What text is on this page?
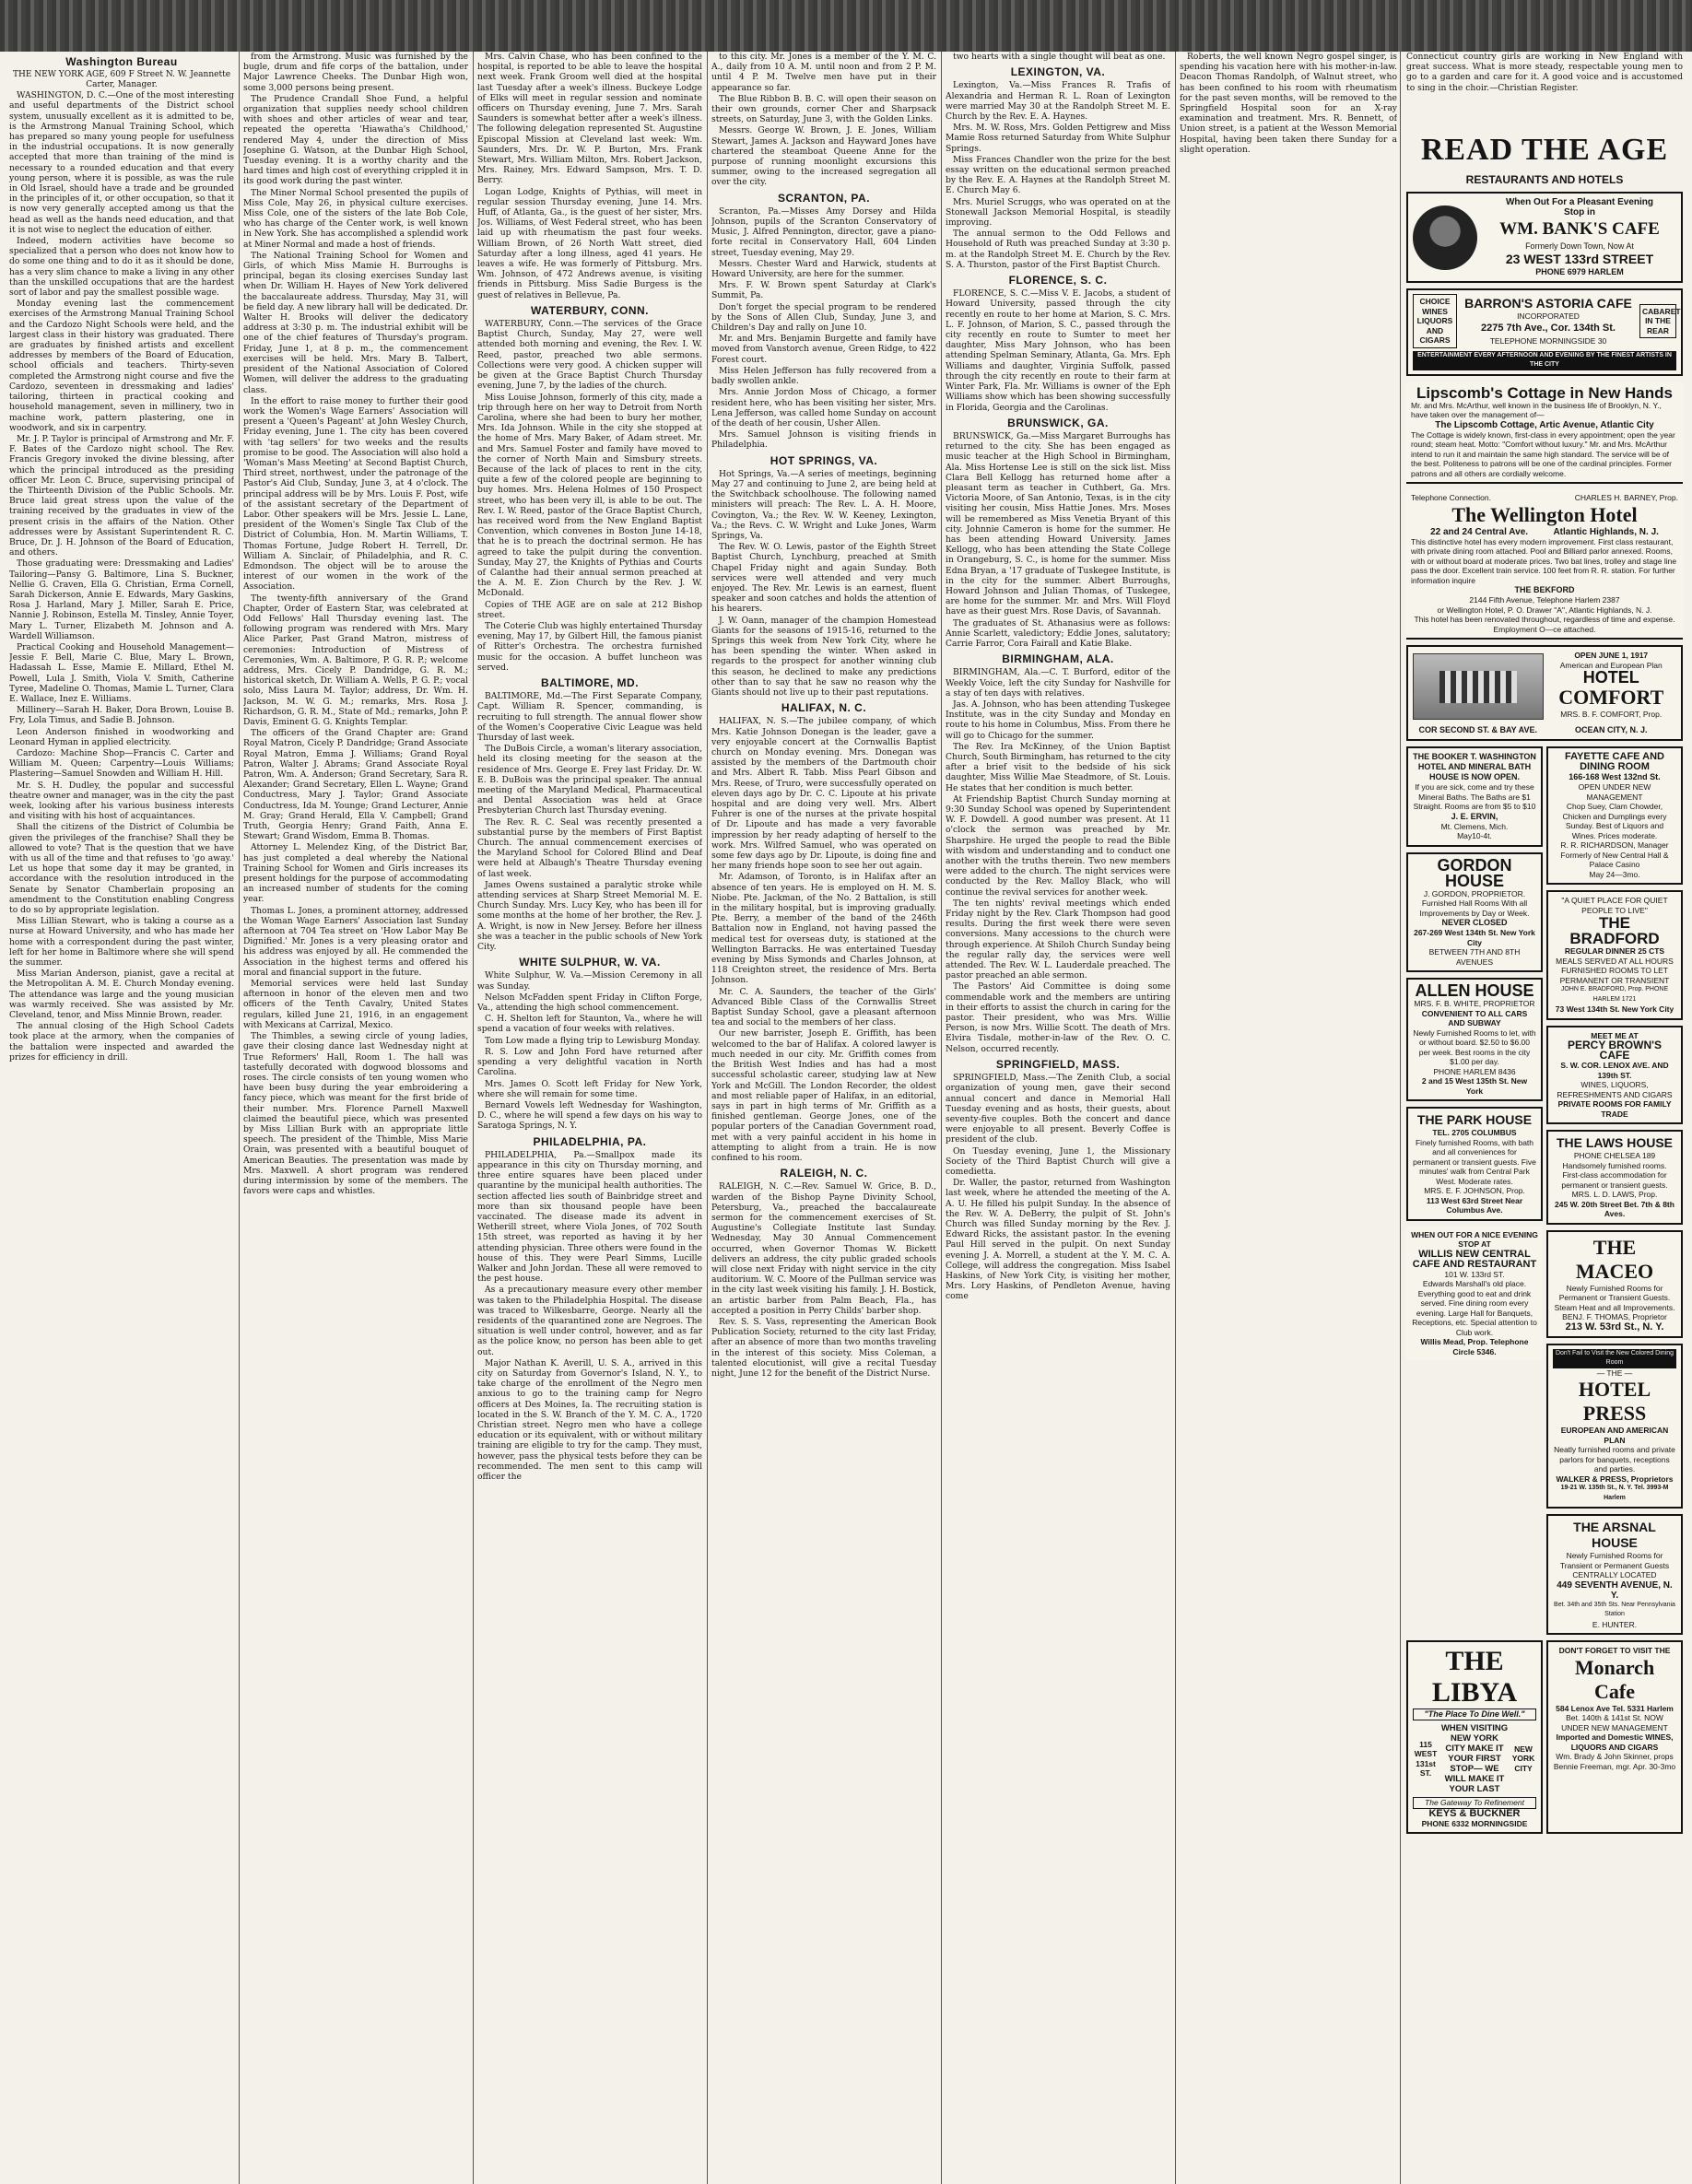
Washington Bureau
THE NEW YORK AGE, 609 F Street N. W. Jeannette Carter, Manager.

WASHINGTON, D. C.—One of the most interesting and useful departments of the District school system, unusually excellent as it is admitted to be, is the Armstrong Manual Training School, which has prepared so many young people for usefulness in the industrial occupations. It is now generally accepted that more than training of the mind is necessary to a rounded education and that every young person, where it is possible, as was the rule in Old Israel, should have a trade and be grounded in the principles of it, or other occupation, so that it is now very generally accepted among us that the head as well as the hands need education, and that it is not wise to neglect the education of either.

Indeed, modern activities have become so specialized that a person who does not know how to do some one thing and to do it as it should be done, has a very slim chance to make a living in any other than the unskilled occupations that are the hardest sort of labor and pay the smallest possible wage.

Monday evening last the commencement exercises of the Armstrong Manual Training School and the Cardozo Night Schools were held, and the largest class in their history was graduated. There are graduates by finished artists and excellent addresses by members of the Board of Education, school officials and teachers. Thirty-seven completed the Armstrong night course and five the Cardozo, seventeen in dressmaking and ladies' tailoring, thirteen in practical cooking and household management, seven in millinery, two in machine work, pattern plastering, one in woodwork, and six in carpentry.

Mr. J. P. Taylor is principal of Armstrong and Mr. F. F. Bates of the Cardozo night school. The Rev. Francis Gregory invoked the divine blessing, after which the principal introduced as the presiding officer Mr. Leon C. Bruce, supervising principal of the Thirteenth Division of the Public Schools. Mr. Bruce laid great stress upon the value of the training received by the graduates in view of the present crisis in the affairs of the Nation. Other addresses were by Assistant Superintendent R. C. Bruce, Dr. J. H. Johnson of the Board of Education, and others.

Those graduating were: Dressmaking and Ladies' Tailoring—Pansy G. Baltimore, Lina S. Buckner, Nellie G. Craven, Ella G. Christian, Erma Cornell, Sarah Dickerson, Annie E. Edwards, Mary Gaskins, Rosa J. Harland, Mary J. Miller, Sarah E. Price, Nannie J. Robinson, Estella M. Tinsley, Annie Toyer, Mary L. Turner, Elizabeth M. Johnson and A. Wardell Williamson.

Practical Cooking and Household Management—Jessie F. Bell, Marie C. Blue, Mary L. Brown, Hadassah L. Esse, Mamie E. Millard, Ethel M. Powell, Lula J. Smith, Viola V. Smith, Catherine Tyree, Madeline O. Thomas, Mamie L. Turner, Clara E. Wallace, Inez E. Williams.

Millinery—Sarah H. Baker, Dora Brown, Louise B. Fry, Lola Timus, and Sadie B. Johnson.

Leon Anderson finished in woodworking and Leonard Hyman in applied electricity.

Cardozo: Machine Shop—Francis C. Carter and William M. Queen; Carpentry—Louis Williams; Plastering—Samuel Snowden and William H. Hill.

Mr. S. H. Dudley, the popular and successful theatre owner and manager, was in the city the past week, looking after his various business interests and visiting with his host of acquaintances.

Shall the citizens of the District of Columbia be given the privileges of the franchise? Shall they be allowed to vote? That is the question that we have with us all of the time and that refuses to 'go away.' Let us hope that some day it may be granted, in accordance with the resolution introduced in the Senate by Senator Chamberlain proposing an amendment to the Constitution enabling Congress to do so by appropriate legislation.

Miss Lillian Stewart, who is taking a course as a nurse at Howard University, and who has made her home with a correspondent during the past winter, left for her home in Baltimore where she will spend the summer.

Miss Marian Anderson, pianist, gave a recital at the Metropolitan A. M. E. Church Monday evening. The attendance was large and the young musician was warmly received. She was assisted by Mr. Cleveland, tenor, and Miss Minnie Brown, reader.

The annual closing of the High School Cadets took place at the armory, when the companies of the battalion were inspected and awarded the prizes for efficiency in drill.

from the Armstrong. Music was furnished by the bugle, drum and fife corps of the battalion, under Major Lawrence Cheeks. The Dunbar High won, some 3,000 persons being present.

The Prudence Crandall Shoe Fund, a helpful organization that supplies needy school children with shoes and other articles of wear and tear, repeated the operetta 'Hiawatha's Childhood,' rendered May 4, under the direction of Miss Josephine G. Watson, at the Dunbar High School, Tuesday evening. It is a worthy charity and the hard times and high cost of everything crippled it in its good work during the past winter.

The Miner Normal School presented the pupils of Miss Cole, May 26, in physical culture exercises. Miss Cole, one of the sisters of the late Bob Cole, who has charge of the Center work, is well known in New York. She has accomplished a splendid work at Miner Normal and made a host of friends.

The National Training School for Women and Girls, of which Miss Mamie H. Burroughs is principal, began its closing exercises Sunday last when Dr. William H. Hayes of New York delivered the baccalaureate address. Thursday, May 31, will be field day. A new library hall will be dedicated. Dr. Walter H. Brooks will deliver the dedicatory address at 3:30 p. m. The industrial exhibit will be one of the chief features of Thursday's program. Friday, June 1, at 8 p. m., the commencement exercises will be held. Mrs. Mary B. Talbert, president of the National Association of Colored Women, will deliver the address to the graduating class.

In the effort to raise money to further their good work the Women's Wage Earners' Association will present a 'Queen's Pageant' at John Wesley Church, Friday evening, June 1. The city has been covered with 'tag sellers' for two weeks and the results promise to be good. The Association will also hold a 'Woman's Mass Meeting' at Second Baptist Church, Third street, northwest, under the patronage of the Pastor's Aid Club, Sunday, June 3, at 4 o'clock. The principal address will be by Mrs. Louis F. Post, wife of the assistant secretary of the Department of Labor. Other speakers will be Mrs. Jessie L. Lane, president of the Women's Single Tax Club of the District of Columbia, Hon. M. Martin Williams, T. Thomas Fortune, Judge Robert H. Terrell, Dr. William A. Sinclair, of Philadelphia, and R. C. Edmondson. The object will be to arouse the interest of our women in the work of the Association.

The twenty-fifth anniversary of the Grand Chapter, Order of Eastern Star, was celebrated at Odd Fellows' Hall Thursday evening last. The following program was rendered with Mrs. Mary Alice Parker, Past Grand Matron, mistress of ceremonies: Introduction of Mistress of Ceremonies, Wm. A. Baltimore, P. G. R. P.; welcome address, Mrs. Cicely P. Dandridge, G. R. M.; historical sketch, Dr. William A. Wells, P. G. P.; vocal solo, Miss Laura M. Taylor; address, Dr. Wm. H. Jackson, M. W. G. M.; remarks, Mrs. Rosa J. Richardson, G. R. M., State of Md.; remarks, John P. Davis, Eminent G. G. Knights Templar.

The officers of the Grand Chapter are: Grand Royal Matron, Cicely P. Dandridge; Grand Associate Royal Matron, Emma J. Williams; Grand Royal Patron, Walter J. Abrams; Grand Associate Royal Patron, Wm. A. Anderson; Grand Secretary, Sara R. Alexander; Grand Secretary, Ellen L. Wayne; Grand Conductress, Mary J. Taylor; Grand Associate Conductress, Ida M. Younge; Grand Lecturer, Annie M. Gray; Grand Herald, Ella V. Campbell; Grand Truth, Georgia Henry; Grand Faith, Anna E. Stewart; Grand Wisdom, Emma B. Thomas.

Attorney L. Melendez King, of the District Bar, has just completed a deal whereby the National Training School for Women and Girls increases its present holdings for the purpose of accommodating an increased number of students for the coming year.

Thomas L. Jones, a prominent attorney, addressed the Woman Wage Earners' Association last Sunday afternoon at 704 Tea street on 'How Labor May Be Dignified.' Mr. Jones is a very pleasing orator and his address was enjoyed by all. He commended the Association in the highest terms and offered his moral and financial support in the future.

Memorial services were held last Sunday afternoon in honor of the eleven men and two officers of the Tenth Cavalry, United States regulars, killed June 21, 1916, in an engagement with Mexicans at Carrizal, Mexico.

The Thimbles, a sewing circle of young ladies, gave their closing dance last Wednesday night at True Reformers' Hall, Room 1. The hall was tastefully decorated with dogwood blossoms and roses. The circle consists of ten young women who have been busy during the year embroidering a fancy piece, which was meant for the first bride of their number. Mrs. Florence Parnell Maxwell claimed the beautiful piece, which was presented by Miss Lillian Burk with an appropriate little speech. The president of the Thimble, Miss Marie Orain, was presented with a beautiful bouquet of American Beauties. The presentation was made by Mrs. Maxwell. A short program was rendered during intermission by some of the members. The favors were caps and whistles.

Mrs. Calvin Chase, who has been confined to the hospital, is reported to be able to leave the hospital next week. Frank Groom well died at the hospital last Tuesday after a week's illness. Buckeye Lodge of Elks will meet in regular session and nominate officers on Thursday evening, June 7. Mrs. Sarah Saunders is somewhat better after a week's illness. The following delegation represented St. Augustine Episcopal Mission at Cleveland last week: Wm. Saunders, Mrs. Dr. W. P. Burton, Mrs. Frank Stewart, Mrs. William Milton, Mrs. Robert Jackson, Mrs. Rainey, Mrs. Edward Sampson, Mrs. T. D. Berry.

Logan Lodge, Knights of Pythias, will meet in regular session Thursday evening, June 14. Mrs. Huff, of Atlanta, Ga., is the guest of her sister, Mrs. Jos. Williams, of West Federal street, who has been laid up with rheumatism the past four weeks. William Brown, of 26 North Watt street, died Saturday after a long illness, aged 41 years. He leaves a wife. He was formerly of Pittsburg. Mrs. Wm. Johnson, of 472 Andrews avenue, is visiting friends in Pittsburg. Miss Sadie Burgess is the guest of relatives in Bellevue, Pa.

WATERBURY, CONN.

WATERBURY, Conn.—The services of the Grace Baptist Church, Sunday, May 27, were well attended both morning and evening, the Rev. I. W. Reed, pastor, preached two able sermons. Collections were very good. A chicken supper will be given at the Grace Baptist Church Thursday evening, June 7, by the ladies of the church.

Miss Louise Johnson, formerly of this city, made a trip through here on her way to Detroit from North Carolina, where she had been to bury her mother, Mrs. Ida Johnson. While in the city she stopped at the home of Mrs. Mary Baker, of Adam street. Mr. and Mrs. Samuel Foster and family have moved to the corner of North Main and Simsbury streets. Because of the lack of places to rent in the city, quite a few of the colored people are beginning to buy homes. Mrs. Helena Holmes of 150 Prospect street, who has been very ill, is able to be out. The Rev. I. W. Reed, pastor of the Grace Baptist Church, has received word from the New England Baptist Convention, which convenes in Boston June 14-18, that he is to preach the doctrinal sermon. He has agreed to take the pulpit during the convention. Sunday, May 27, the Knights of Pythias and Courts of Calanthe had their annual sermon preached at the A. M. E. Zion Church by the Rev. J. W. McDonald.

Copies of THE AGE are on sale at 212 Bishop street.

The Coterie Club was highly entertained Thursday evening, May 17, by Gilbert Hill, the famous pianist of Ritter's Orchestra. The orchestra furnished music for the occasion. A buffet luncheon was served.

BALTIMORE, MD.

BALTIMORE, Md.—The First Separate Company, Capt. William R. Spencer, commanding, is recruiting to full strength. The annual flower show of the Women's Cooperative Civic League was held Thursday of last week.

The DuBois Circle, a woman's literary association, held its closing meeting for the season at the residence of Mrs. George E. Frey last Friday. Dr. W. E. B. DuBois was the principal speaker. The annual meeting of the Maryland Medical, Pharmaceutical and Dental Association was held at Grace Presbyterian Church last Thursday evening.

The Rev. R. C. Seal was recently presented a substantial purse by the members of First Baptist Church. The annual commencement exercises of the Maryland School for Colored Blind and Deaf were held at Albaugh's Theatre Thursday evening of last week.

James Owens sustained a paralytic stroke while attending services at Sharp Street Memorial M. E. Church Sunday. Mrs. Lucy Key, who has been ill for some months at the home of her brother, the Rev. J. A. Wright, is now in New Jersey. Before her illness she was a teacher in the public schools of New York City.

WHITE SULPHUR, W. VA.

White Sulphur, W. Va.—Mission Ceremony in all was Sunday.

Nelson McFadden spent Friday in Clifton Forge, Va., attending the high school commencement.

C. H. Shelton left for Staunton, Va., where he will spend a vacation of four weeks with relatives.

Tom Low made a flying trip to Lewisburg Monday.

R. S. Low and John Ford have returned after spending a very delightful vacation in North Carolina.

Mrs. James O. Scott left Friday for New York, where she will remain for some time.

Bernard Vowels left Wednesday for Washington, D. C., where he will spend a few days on his way to Saratoga Springs, N. Y.

PHILADELPHIA, PA.

PHILADELPHIA, Pa.—Smallpox made its appearance in this city on Thursday morning, and three entire squares have been placed under quarantine by the municipal health authorities. The section affected lies south of Bainbridge street and more than six thousand people have been vaccinated. The disease made its advent in Wetherill street, where Viola Jones, of 702 South 15th street, was reported as having it by her attending physician. Three others were found in the house of this. They were Pearl Simms, Lucille Walker and John Jordan. These all were removed to the pest house.

As a precautionary measure every other member was taken to the Philadelphia Hospital. The disease was traced to Wilkesbarre, George. Nearly all the residents of the quarantined zone are Negroes. The situation is well under control, however, and as far as the police know, no person has been able to get out.

Major Nathan K. Averill, U. S. A., arrived in this city on Saturday from Governor's Island, N. Y., to take charge of the enrollment of the Negro men anxious to go to the training camp for Negro officers at Des Moines, Ia. The recruiting station is located in the S. W. Branch of the Y. M. C. A., 1720 Christian street. Negro men who have a college education or its equivalent, with or without military training are eligible to try for the camp. They must, however, pass the physical tests before they can be recommended. The men sent to this camp will officer the

to this city. Mr. Jones is a member of the Y. M. C. A., daily from 10 A. M. until noon and from 2 P. M. until 4 P. M. Twelve men have put in their appearance so far.

The Blue Ribbon B. B. C. will open their season on their own grounds, corner Cher and Sharpsack streets, on Saturday, June 3, with the Golden Links.

Messrs. George W. Brown, J. E. Jones, William Stewart, James A. Jackson and Hayward Jones have chartered the steamboat Queene Anne for the purpose of running moonlight excursions this summer, owing to the increased segregation all over the city.

SCRANTON, PA.

Scranton, Pa.—Misses Amy Dorsey and Hilda Johnson, pupils of the Scranton Conservatory of Music, J. Alfred Pennington, director, gave a piano-forte recital in Conservatory Hall, 604 Linden street, Tuesday evening, May 29.

Messrs. Chester Ward and Harwick, students at Howard University, are here for the summer.

Mrs. F. W. Brown spent Saturday at Clark's Summit, Pa.

Don't forget the special program to be rendered by the Sons of Allen Club, Sunday, June 3, and Children's Day and rally on June 10.

Mr. and Mrs. Benjamin Burgette and family have moved from Vanstorch avenue, Green Ridge, to 422 Forest court.

Miss Helen Jefferson has fully recovered from a badly swollen ankle.

Mrs. Annie Jordon Moss of Chicago, a former resident here, who has been visiting her sister, Mrs. Lena Jefferson, was called home Sunday on account of the death of her cousin, Usher Allen.

Mrs. Samuel Johnson is visiting friends in Philadelphia.

HOT SPRINGS, VA.

Hot Springs, Va.—A series of meetings, beginning May 27 and continuing to June 2, are being held at the Switchback schoolhouse. The following named ministers will preach: The Rev. L. A. H. Moore, Covington, Va.; the Rev. W. W. Keeney, Lexington, Va.; the Revs. C. W. Wright and Luke Jones, Warm Springs, Va.

The Rev. W. O. Lewis, pastor of the Eighth Street Baptist Church, Lynchburg, preached at Smith Chapel Friday night and again Sunday. Both services were well attended and very much enjoyed. The Rev. Mr. Lewis is an earnest, fluent speaker and soon catches and holds the attention of his hearers.

J. W. Oann, manager of the champion Homestead Giants for the seasons of 1915-16, returned to the Springs this week from New York City, where he has been spending the winter. When asked in regards to the prospect for another winning club this season, he declined to make any predictions other than to say that he saw no reason why the Giants should not live up to their past reputations.

HALIFAX, N. C.

HALIFAX, N. S.—The jubilee company, of which Mrs. Katie Johnson Donegan is the leader, gave a very enjoyable concert at the Cornwallis Baptist church on Monday evening. Mrs. Donegan was assisted by the members of the Dartmouth choir and Mrs. Albert R. Tabb. Miss Pearl Gibson and Mrs. Reese, of Truro, were successfully operated on eleven days ago by Dr. C. C. Lipoute at his private hospital and are doing very well. Mrs. Albert Fuhrer is one of the nurses at the private hospital of Dr. Lipoute and has made a very favorable impression by her ready adapting of herself to the work. Mrs. Wilfred Samuel, who was operated on some few days ago by Dr. Lipoute, is doing fine and her many friends hope soon to see her out again.

Mr. Adamson, of Toronto, is in Halifax after an absence of ten years. He is employed on H. M. S. Niobe. Pte. Jackman, of the No. 2 Battalion, is still in the military hospital, but is improving gradually. Pte. Berry, a member of the band of the 246th Battalion now in England, not having passed the medical test for overseas duty, is stationed at the Wellington Barracks. He was entertained Tuesday evening by Miss Symonds and Charles Johnson, at 118 Creighton street, the residence of Mrs. Berta Johnson.

Mr. C. A. Saunders, the teacher of the Girls' Advanced Bible Class of the Cornwallis Street Baptist Sunday School, gave a pleasant afternoon tea and social to the members of her class.

Our new barrister, Joseph E. Griffith, has been welcomed to the bar of Halifax. A colored lawyer is much needed in our city. Mr. Griffith comes from the British West Indies and has had a most successful scholastic career, studying law at New York and McGill. The London Recorder, the oldest and most reliable paper of Halifax, in an editorial, says in part in high terms of Mr. Griffith as a finished gentleman. George Jones, one of the popular porters of the Canadian Government road, met with a very painful accident in his home in attempting to alight from a train. He is now confined to his room.

RALEIGH, N. C.

RALEIGH, N. C.—Rev. Samuel W. Grice, B. D., warden of the Bishop Payne Divinity School, Petersburg, Va., preached the baccalaureate sermon for the commencement exercises of St. Augustine's Collegiate Institute last Sunday. Wednesday, May 30 Annual Commencement occurred, when Governor Thomas W. Bickett delivers an address, the city public graded schools will close next Friday with night service in the city auditorium. W. C. Moore of the Pullman service was in the city last week visiting his family. J. H. Bostick, an artistic barber from Palm Beach, Fla., has accepted a position in Perry Childs' barber shop.

Rev. S. S. Vass, representing the American Book Publication Society, returned to the city last Friday, after an absence of more than two months traveling in the interest of this society. Miss Coleman, a talented elocutionist, will give a recital Tuesday night, June 12 for the benefit of the District Nurse.

two hearts with a single thought will beat as one.

LEXINGTON, VA.

Lexington, Va.—Miss Frances R. Trafis of Alexandria and Herman R. L. Roan of Lexington were married May 30 at the Randolph Street M. E. Church by the Rev. E. A. Haynes.

Mrs. M. W. Ross, Mrs. Golden Pettigrew and Miss Mamie Ross returned Saturday from White Sulphur Springs.

Miss Frances Chandler won the prize for the best essay written on the educational sermon preached by the Rev. E. A. Haynes at the Randolph Street M. E. Church May 6.

Mrs. Muriel Scruggs, who was operated on at the Stonewall Jackson Memorial Hospital, is steadily improving.

The annual sermon to the Odd Fellows and Household of Ruth was preached Sunday at 3:30 p. m. at the Randolph Street M. E. Church by the Rev. S. A. Thurston, pastor of the First Baptist Church.

FLORENCE, S. C.

FLORENCE, S. C.—Miss V. E. Jacobs, a student of Howard University, passed through the city recently en route to her home at Marion, S. C. Mrs. L. F. Johnson, of Marion, S. C., passed through the city recently en route to Sumter to meet her daughter, Miss Mary Johnson, who has been attending Spelman Seminary, Atlanta, Ga. Mrs. Eph Williams and daughter, Virginia Suffolk, passed through the city recently en route to their farm at Winter Park, Fla. Mr. Williams is owner of the Eph Williams show which has been showing successfully in Florida, Georgia and the Carolinas.

BRUNSWICK, GA.

BRUNSWICK, Ga.—Miss Margaret Burroughs has returned to the city. She has been engaged as music teacher at the High School in Birmingham, Ala. Miss Hortense Lee is still on the sick list. Miss Clara Bell Kellogg has returned home after a pleasant term as teacher in Cuthbert, Ga. Mrs. Victoria Moore, of San Antonio, Texas, is in the city visiting her cousin, Miss Hattie Jones. Mrs. Moses will be remembered as Miss Venetia Bryant of this city. Johnnie Cameron is home for the summer. He has been attending Howard University. James Kellogg, who has been attending the State College in Orangeburg, S. C., is home for the summer. Miss Edna Bryan, a '17 graduate of Tuskegee Institute, is in the city for the summer. Albert Burroughs, Howard Johnson and Julian Thomas, of Tuskegee, are home for the summer. Mr. and Mrs. Will Floyd have as their guest Mrs. Rose Davis, of Savannah.

The graduates of St. Athanasius were as follows: Annie Scarlett, valedictory; Eddie Jones, salutatory; Carrie Farror, Cora Fairall and Katie Blake.

BIRMINGHAM, ALA.

BIRMINGHAM, Ala.—C. T. Burford, editor of the Weekly Voice, left the city Sunday for Nashville for a stay of ten days with relatives.

Jas. A. Johnson, who has been attending Tuskegee Institute, was in the city Sunday and Monday en route to his home in Columbus, Miss. From there he will go to Chicago for the summer.

The Rev. Ira McKinney, of the Union Baptist Church, South Birmingham, has returned to the city after a brief visit to the bedside of his sick daughter, Miss Willie Mae Steadmore, of St. Louis. He states that her condition is much better.

At Friendship Baptist Church Sunday morning at 9:30 Sunday School was opened by Superintendent W. F. Dowdell. A good number was present. At 11 o'clock the sermon was preached by Mr. Sharpshire. He urged the people to read the Bible with wisdom and understanding and to conduct one another with the truths therein. Two new members were added to the church. The night services were conducted by the Rev. Malloy Black, who will continue the revival services for another week.

The ten nights' revival meetings which ended Friday night by the Rev. Clark Thompson had good results. During the first week there were seven conversions. Many accessions to the church were through experience. At Shiloh Church Sunday being the regular rally day, the services were well attended. The Rev. W. L. Lauderdale preached. The pastor preached an able sermon.

The Pastors' Aid Committee is doing some commendable work and the members are untiring in their efforts to assist the church in caring for the pastor. Their president, who was Mrs. Willie Person, is now Mrs. Willie Scott. The death of Mrs. Elvira Tisdale, mother-in-law of the Rev. O. C. Nelson, occurred recently.

SPRINGFIELD, MASS.

SPRINGFIELD, Mass.—The Zenith Club, a social organization of young men, gave their second annual concert and dance in Memorial Hall Tuesday evening and as hosts, their guests, about seventy-five couples. Both the concert and dance were enjoyable to all present. Beverly Coffee is president of the club.

On Tuesday evening, June 1, the Missionary Society of the Third Baptist Church will give a comedietta.

Dr. Waller, the pastor, returned from Washington last week, where he attended the meeting of the A. A. U. He filled his pulpit Sunday. In the absence of the Rev. W. A. DeBerry, the pulpit of St. John's Church was filled Sunday morning by the Rev. J. Edward Ricks, the assistant pastor. In the evening Paul Hill served in the pulpit. On next Sunday evening J. A. Morrell, a student at the Y. M. C. A. College, will address the congregation. Miss Isabel Haskins, of New York City, is visiting her mother, Mrs. Lory Haskins, of Pendleton Avenue, having come

Roberts, the well known Negro gospel singer, is spending his vacation here with his mother-in-law. Deacon Thomas Randolph, of Walnut street, who has been confined to his room with rheumatism for the past seven months, will be removed to the Springfield Hospital soon for an X-ray examination and treatment. Mrs. R. Bennett, of Union street, is a patient at the Wesson Memorial Hospital, having been taken there Sunday for a slight operation.

Connecticut country girls are working in New England with great success. What is more steady, respectable young men to go to a garden and care for it. A good voice and is accustomed to sing in the choir.—Christian Register.
READ THE AGE
RESTAURANTS AND HOTELS
When Out For a Pleasant Evening
Stop in
WM. BANK'S CAFE
Formerly Down Town, Now At
23 WEST 133rd STREET
PHONE 6979 HARLEM
CHOICE WINES LIQUORS AND CIGARS
BARRON'S ASTORIA CAFE
INCORPORATED
2275 7th Ave., Cor. 134th St.
TELEPHONE MORNINGSIDE 30
CABARET IN THE REAR
ENTERTAINMENT EVERY AFTERNOON AND EVENING BY THE FINEST ARTISTS IN THE CITY
Lipscomb's Cottage in New Hands
Mr. and Mrs. McArthur, well known in the business life of Brooklyn, N. Y., have taken over the management of—
The Lipscomb Cottage, Artic Avenue, Atlantic City
The Cottage is widely known, first-class in every appointment; open the year round; steam heat. Motto: "Comfort without luxury." Mr. and Mrs. McArthur intend to run it and maintain the same high standard. The service will be of the best. Politeness to patrons will be one of the cardinal principles. Former patrons and all others are cordially welcome.
Telephone Connection.	CHARLES H. BARNEY, Prop.
The Wellington Hotel
22 and 24 Central Ave.          Atlantic Highlands, N. J.
This distinctive hotel has every modern improvement. First class restaurant, with private dining room attached. Pool and Billiard parlor annexed. Rooms, with or without board at moderate prices. Two bat lines, trolley and stage line pass the door. Excellent train service. 100 feet from R. R. station. For further information inquire
THE BEKFORD
2144 Fifth Avenue, Telephone Harlem 2387
or Wellington Hotel, P. O. Drawer "A", Atlantic Highlands, N. J.
This hotel has been renovated throughout, regardless of time and expense. Employment O—ce attached.
OPEN JUNE 1, 1917
American and European Plan
HOTEL
COMFORT
MRS. B. F. COMFORT, Prop.
COR SECOND ST. & BAY AVE.	OCEAN CITY, N. J.
THE BOOKER T. WASHINGTON HOTEL AND MINERAL BATH HOUSE IS NOW OPEN.
If you are sick, come and try these Mineral Baths. The Baths are $1 Straight. Rooms are from $5 to $10
J. E. ERVIN,
Mt. Clemens, Mich.
May10-4t.
GORDON HOUSE
J. GORDON, PROPRIETOR.
Furnished Hall Rooms With all Improvements by Day or Week.
NEVER CLOSED
267-269 West 134th St. New York City
BETWEEN 7TH AND 8TH AVENUES
ALLEN HOUSE
MRS. F. B. WHITE, PROPRIETOR
CONVENIENT TO ALL CARS AND SUBWAY
Newly Furnished Rooms to let, with or without board. $2.50 to $6.00 per week. Best rooms in the city $1.00 per day.
PHONE HARLEM 8436
2 and 15 West 135th St. New York
THE PARK HOUSE
TEL. 2705 COLUMBUS
Finely furnished Rooms, with bath and all conveniences for permanent or transient guests. Five minutes' walk from Central Park West. Moderate rates.
MRS. E. F. JOHNSON, Prop.
113 West 63rd Street Near Columbus Ave.
WHEN OUT FOR A NICE EVENING STOP AT
WILLIS NEW CENTRAL CAFE AND RESTAURANT
101 W. 133rd ST.
Edwards Marshall's old place. Everything good to eat and drink served. Fine dining room every evening. Large Hall for Banquets, Receptions, etc. Special attention to Club work.
Willis Mead, Prop. Telephone Circle 5346.
FAYETTE CAFE AND DINING ROOM
166-168 West 132nd St.
OPEN UNDER NEW MANAGEMENT
Chop Suey, Clam Chowder, Chicken and Dumplings every Sunday. Best of Liquors and Wines. Prices moderate.
R. R. RICHARDSON, Manager
Formerly of New Central Hall & Palace Casino
May 24—3mo.
"A QUIET PLACE FOR QUIET PEOPLE TO LIVE"
THE BRADFORD
REGULAR DINNER 25 CTS
MEALS SERVED AT ALL HOURS
FURNISHED ROOMS TO LET
PERMANENT OR TRANSIENT
JOHN E. BRADFORD, Prop. PHONE HARLEM 1721
73 West 134th St. New York City
MEET ME AT
PERCY BROWN'S CAFE
S. W. COR. LENOX AVE. AND 139th ST.
WINES, LIQUORS, REFRESHMENTS AND CIGARS
PRIVATE ROOMS FOR FAMILY TRADE
THE LAWS HOUSE
PHONE CHELSEA 189
Handsomely furnished rooms. First-class accommodation for permanent or transient guests.
MRS. L. D. LAWS, Prop.
245 W. 20th Street Bet. 7th & 8th Aves.
THE MACEO
Newly Furnished Rooms for Permanent or Transient Guests. Steam Heat and all Improvements.
BENJ. F. THOMAS, Proprietor
213 W. 53rd St., N. Y.
Don't Fail to Visit the New Colored Dining Room
— THE —
HOTEL PRESS
EUROPEAN AND AMERICAN PLAN
Neatly furnished rooms and private parlors for banquets, receptions and parties.
WALKER & PRESS, Proprietors
19-21 W. 135th St., N. Y. Tel. 3993-M Harlem
THE ARSNAL HOUSE
Newly Furnished Rooms for Transient or Permanent Guests
CENTRALLY LOCATED
449 SEVENTH AVENUE, N. Y.
Bet. 34th and 35th Sts. Near Pennsylvania Station
E. HUNTER.
THE LIBYA
"The Place To Dine Well."
115 WEST 131st ST.
WHEN VISITING NEW YORK CITY MAKE IT YOUR FIRST STOP— WE WILL MAKE IT YOUR LAST
NEW YORK CITY
The Gateway To Refinement
KEYS & BUCKNER
PHONE 6332 MORNINGSIDE
DON'T FORGET TO VISIT THE
Monarch Cafe
584 Lenox Ave Tel. 5331 Harlem
Bet. 140th & 141st St. NOW UNDER NEW MANAGEMENT
Imported and Domestic WINES, LIQUORS AND CIGARS
Wm. Brady & John Skinner, props
Bennie Freeman, mgr. Apr. 30-3mo
